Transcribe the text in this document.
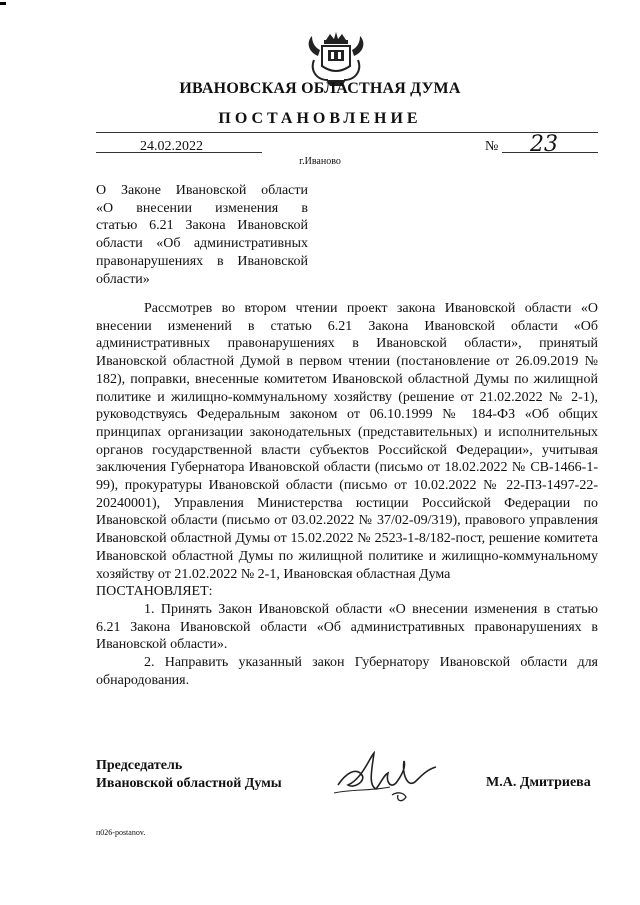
ИВАНОВСКАЯ ОБЛАСТНАЯ ДУМА
ПОСТАНОВЛЕНИЕ
24.02.2022	№ 23
г.Иваново
О Законе Ивановской области
«О внесении изменения в
статью 6.21 Закона Ивановской
области «Об административных
правонарушениях в Ивановской
области»

Рассмотрев во втором чтении проект закона Ивановской области «О внесении изменений в статью 6.21 Закона Ивановской области «Об административных правонарушениях в Ивановской области», принятый Ивановской областной Думой в первом чтении (постановление от 26.09.2019 № 182), поправки, внесенные комитетом Ивановской областной Думы по жилищной политике и жилищно-коммунальному хозяйству (решение от 21.02.2022 № 2-1), руководствуясь Федеральным законом от 06.10.1999 № 184-ФЗ «Об общих принципах организации законодательных (представительных) и исполнительных органов государственной власти субъектов Российской Федерации», учитывая заключения Губернатора Ивановской области (письмо от 18.02.2022 № СВ-1466-1-99), прокуратуры Ивановской области (письмо от 10.02.2022 № 22-ПЗ-1497-22-20240001), Управления Министерства юстиции Российской Федерации по Ивановской области (письмо от 03.02.2022 № 37/02-09/319), правового управления Ивановской областной Думы от 15.02.2022 № 2523-1-8/182-пост, решение комитета Ивановской областной Думы по жилищной политике и жилищно-коммунальному хозяйству от 21.02.2022 № 2-1, Ивановская областная Дума

ПОСТАНОВЛЯЕТ:

1. Принять Закон Ивановской области «О внесении изменения в статью 6.21 Закона Ивановской области «Об административных правонарушениях в Ивановской области».

2. Направить указанный закон Губернатору Ивановской области для обнародования.

Председатель
Ивановской областной Думы	М.А. Дмитриева
п026-postanov.
